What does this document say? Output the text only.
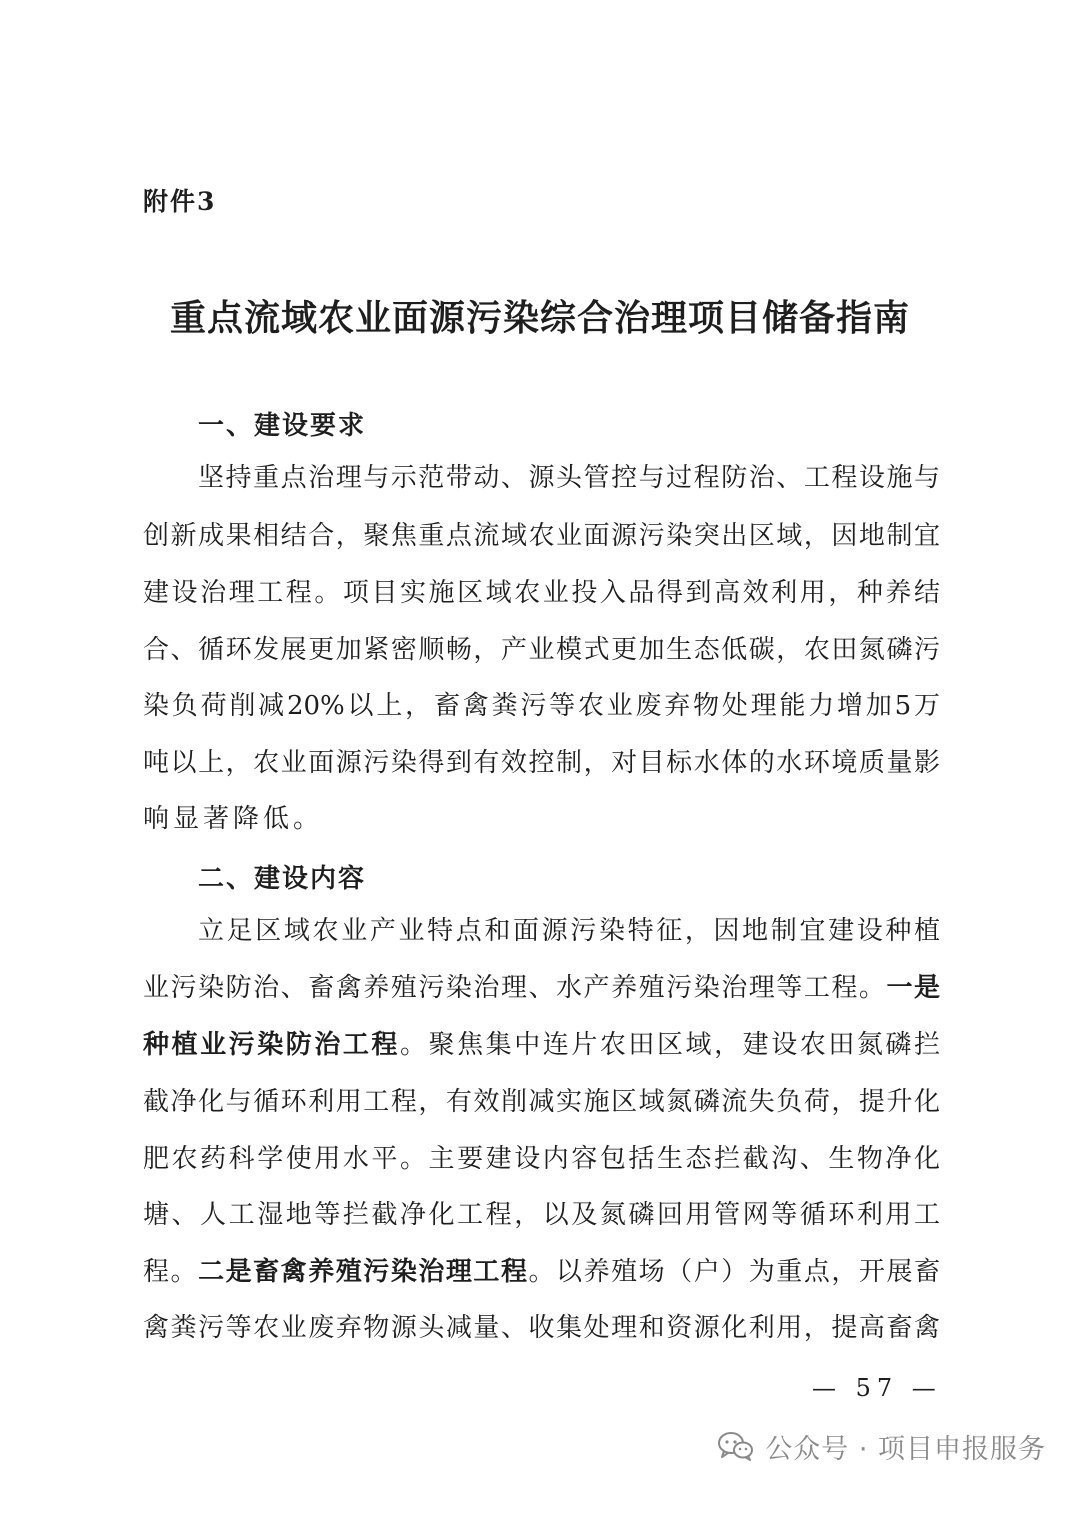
附件3
重点流域农业面源污染综合治理项目储备指南
一、建设要求
坚持重点治理与示范带动、源头管控与过程防治、工程设施与
创新成果相结合，聚焦重点流域农业面源污染突出区域，因地制宜
建设治理工程。项目实施区域农业投入品得到高效利用，种养结
合、循环发展更加紧密顺畅，产业模式更加生态低碳，农田氮磷污
染负荷削减20%以上，畜禽粪污等农业废弃物处理能力增加5万
吨以上，农业面源污染得到有效控制，对目标水体的水环境质量影
响显著降低。
二、建设内容
立足区域农业产业特点和面源污染特征，因地制宜建设种植
业污染防治、畜禽养殖污染治理、水产养殖污染治理等工程。一是
种植业污染防治工程。聚焦集中连片农田区域，建设农田氮磷拦
截净化与循环利用工程，有效削减实施区域氮磷流失负荷，提升化
肥农药科学使用水平。主要建设内容包括生态拦截沟、生物净化
塘、人工湿地等拦截净化工程，以及氮磷回用管网等循环利用工
程。二是畜禽养殖污染治理工程。以养殖场（户）为重点，开展畜
禽粪污等农业废弃物源头减量、收集处理和资源化利用，提高畜禽
— 57 —
公众号 · 项目申报服务
